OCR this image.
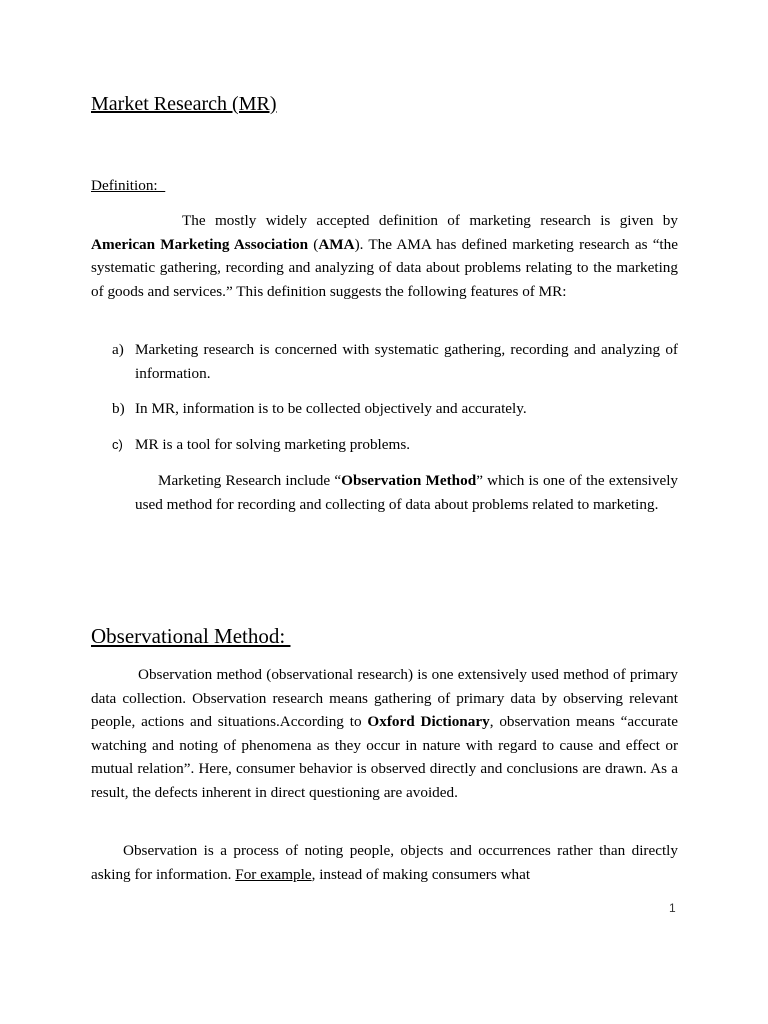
Market Research (MR)
Definition:
The mostly widely accepted definition of marketing research is given by American Marketing Association (AMA). The AMA has defined marketing research as “the systematic gathering, recording and analyzing of data about problems relating to the marketing of goods and services.” This definition suggests the following features of MR:
a) Marketing research is concerned with systematic gathering, recording and analyzing of information.
b) In MR, information is to be collected objectively and accurately.
c) MR is a tool for solving marketing problems.
Marketing Research include “Observation Method” which is one of the extensively used method for recording and collecting of data about problems related to marketing.
Observational Method:
Observation method (observational research) is one extensively used method of primary data collection. Observation research means gathering of primary data by observing relevant people, actions and situations.According to Oxford Dictionary, observation means “accurate watching and noting of phenomena as they occur in nature with regard to cause and effect or mutual relation”. Here, consumer behavior is observed directly and conclusions are drawn. As a result, the defects inherent in direct questioning are avoided.
Observation is a process of noting people, objects and occurrences rather than directly asking for information. For example, instead of making consumers what
1
